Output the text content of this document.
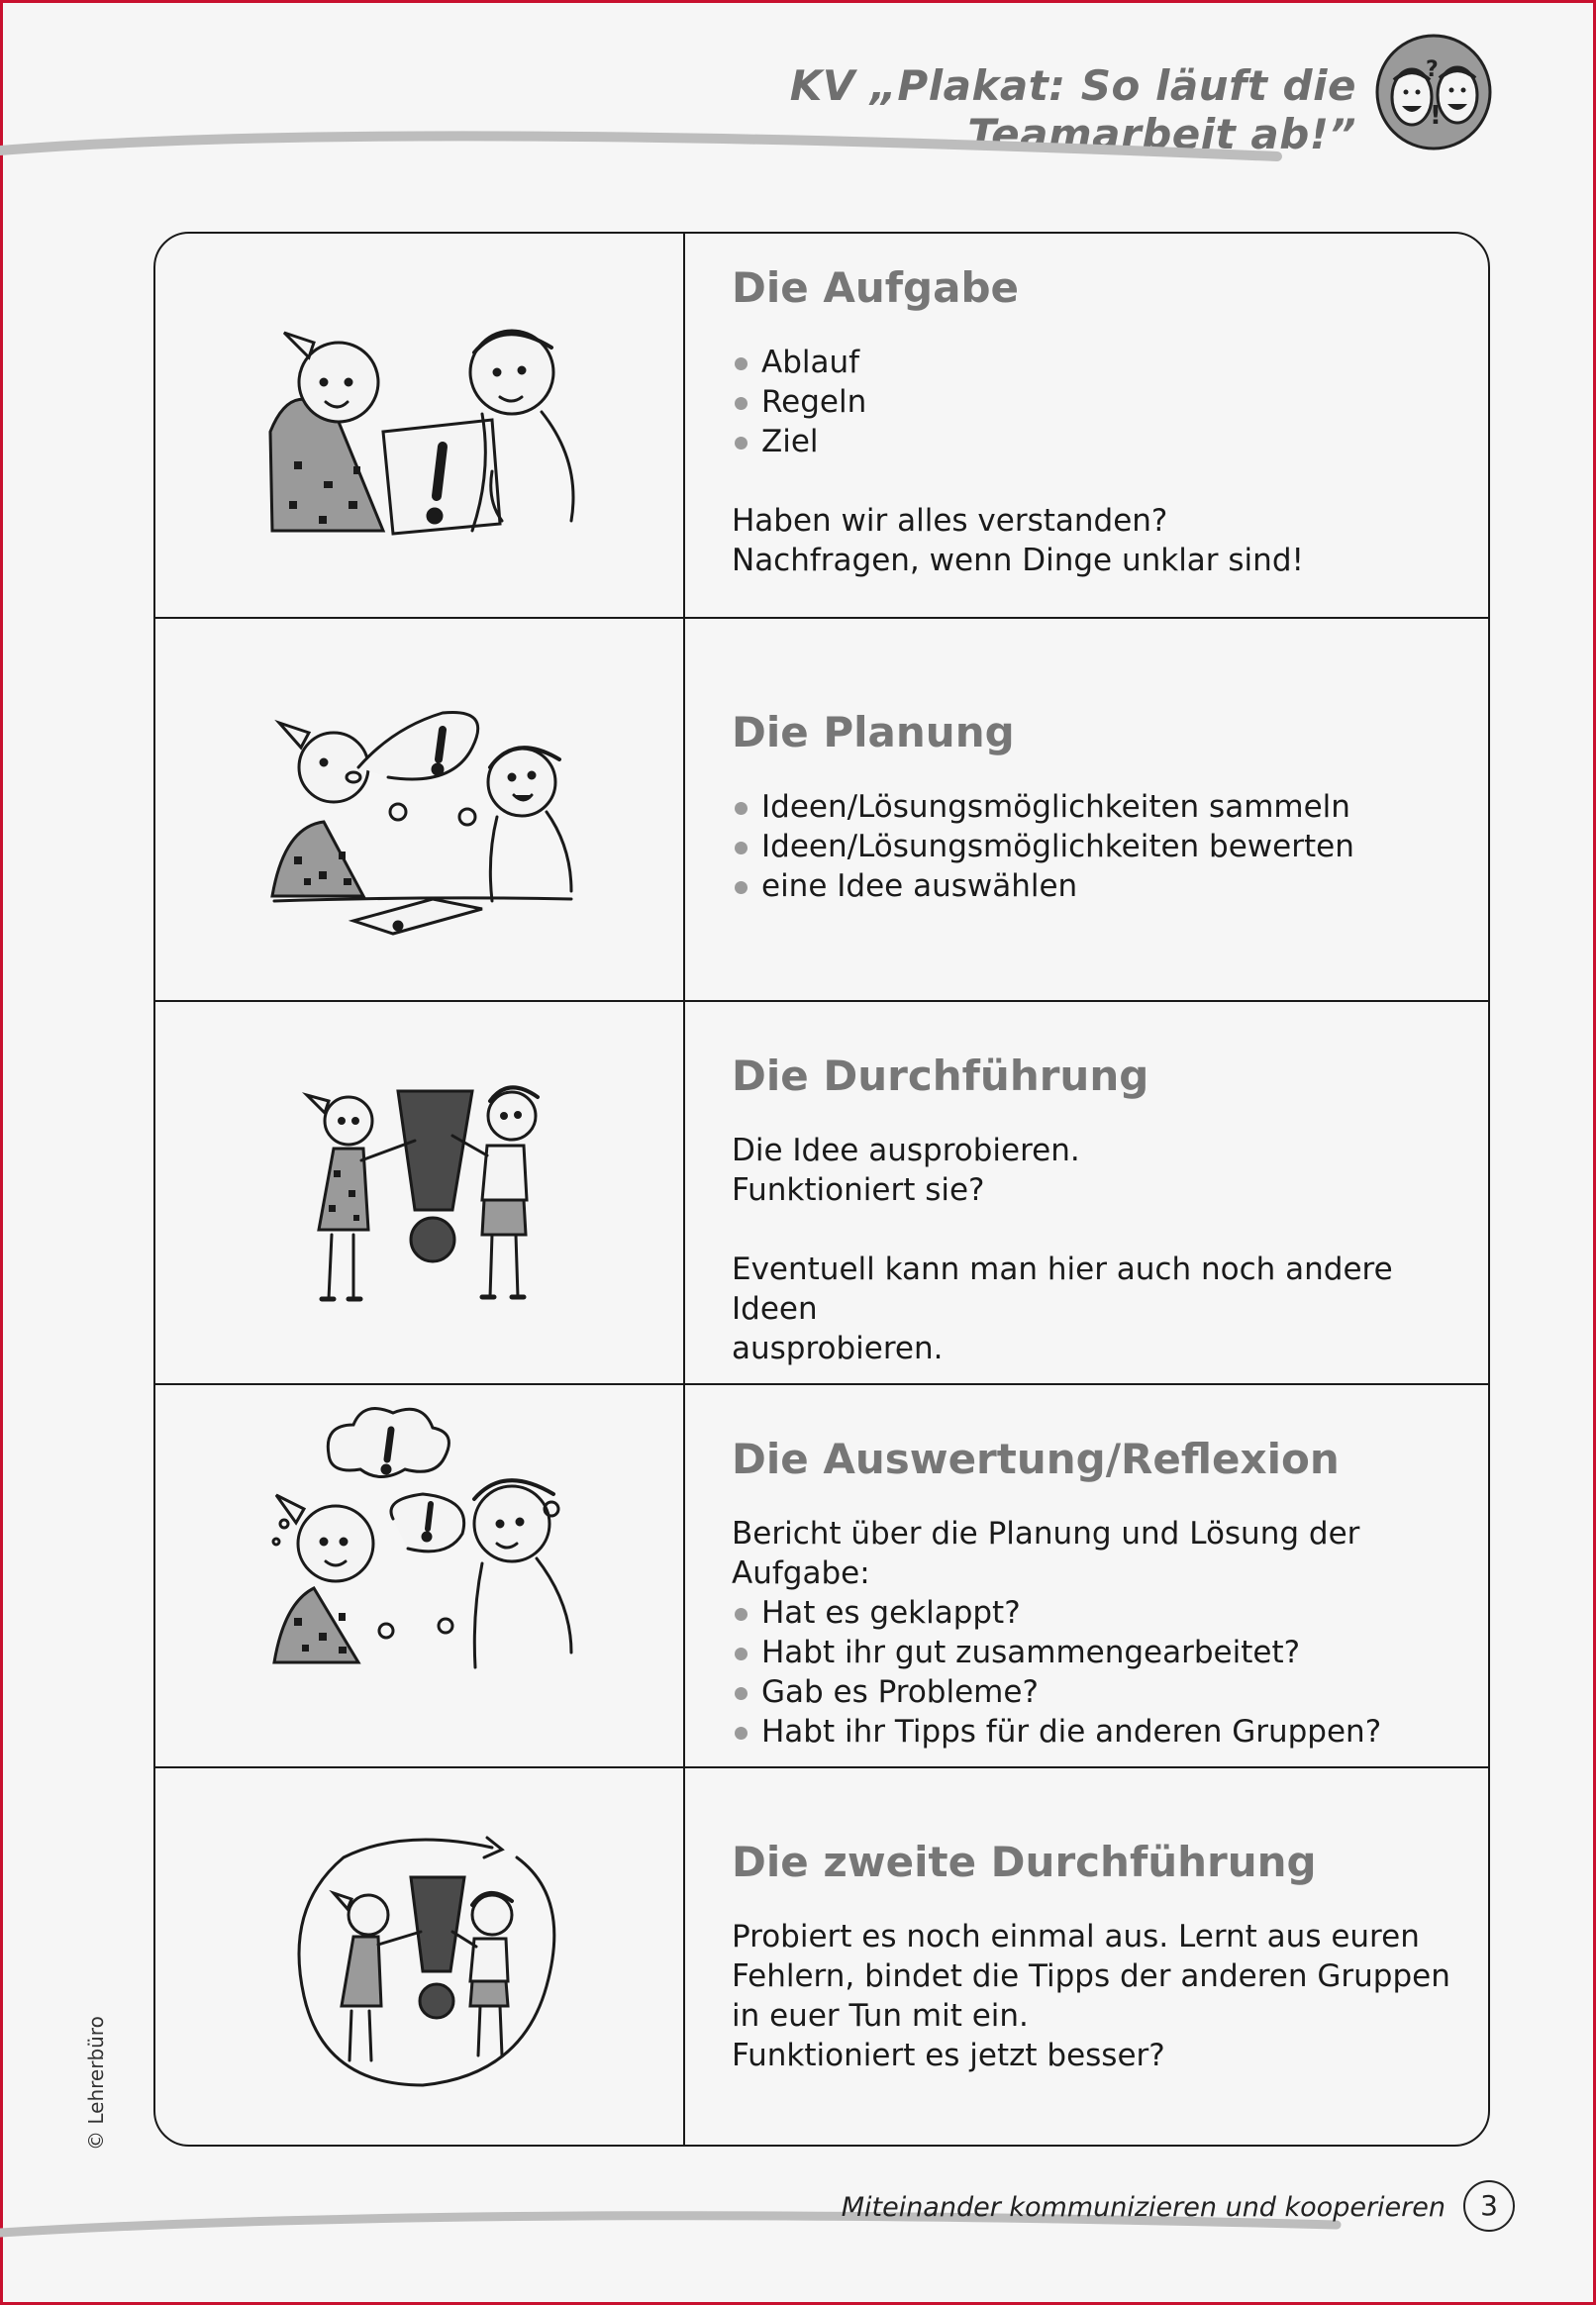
KV „Plakat: So läuft die Teamarbeit ab!”
?
!
Die Aufgabe
Ablauf
Regeln
Ziel

Haben wir alles verstanden?

Nachfragen, wenn Dinge unklar sind!

Die Planung
Ideen/Lösungsmöglichkeiten sammeln
Ideen/Lösungsmöglichkeiten bewerten
eine Idee auswählen
Die Durchführung

Die Idee ausprobieren.

Funktioniert sie?

Eventuell kann man hier auch noch andere Ideen

ausprobieren.

Die Auswertung/Reflexion

Bericht über die Planung und Lösung der Aufgabe:

Hat es geklappt?
Habt ihr gut zusammengearbeitet?
Gab es Probleme?
Habt ihr Tipps für die anderen Gruppen?
Die zweite Durchführung

Probiert es noch einmal aus. Lernt aus euren

Fehlern, bindet die Tipps der anderen Gruppen

in euer Tun mit ein.

Funktioniert es jetzt besser?

© Lehrerbüro
Miteinander kommunizieren und kooperieren	3
